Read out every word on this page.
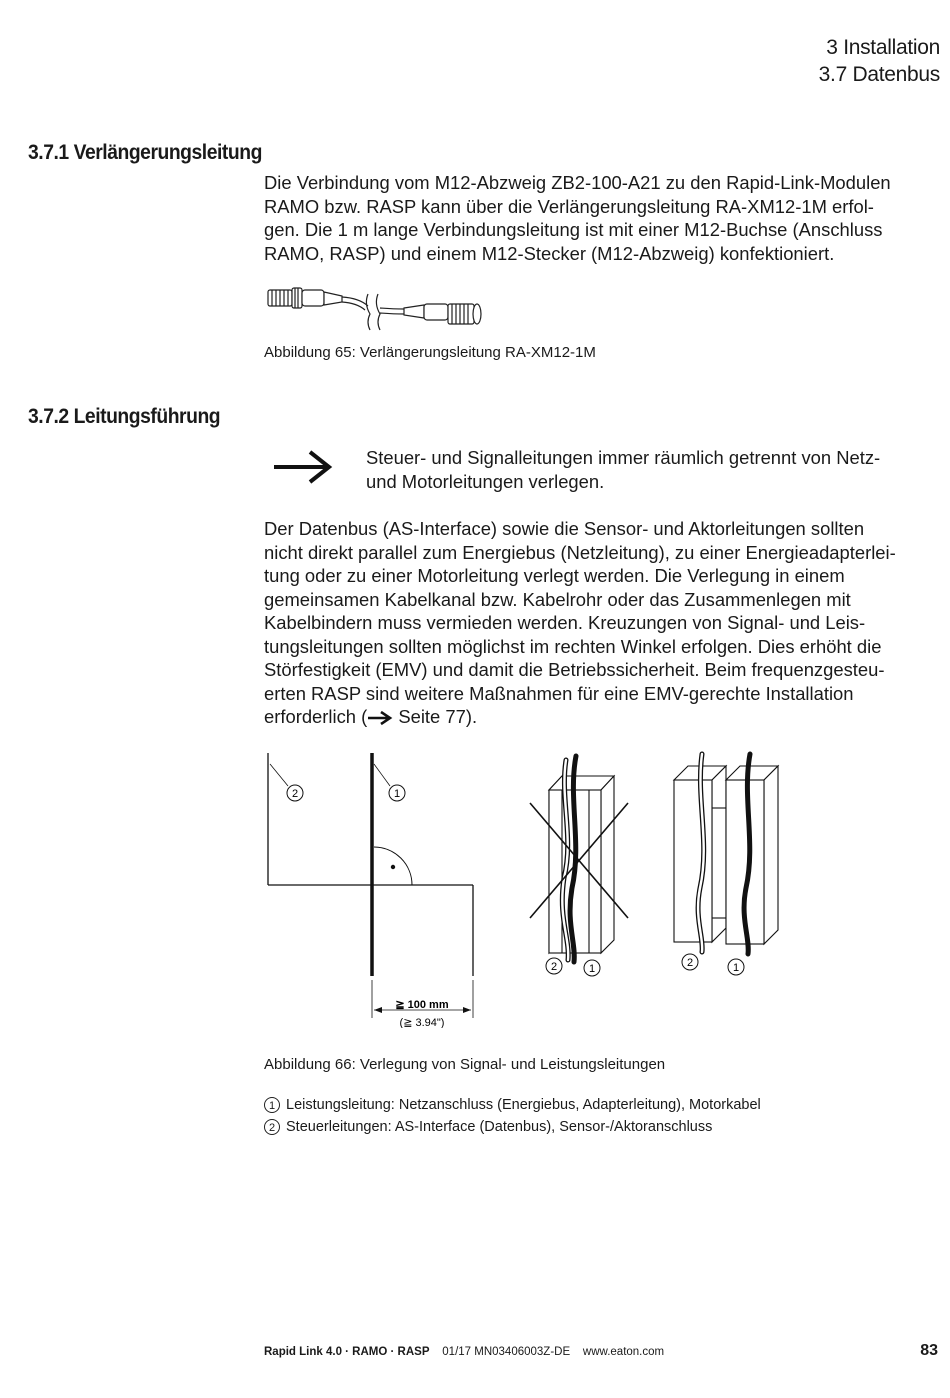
3 Installation
3.7 Datenbus
3.7.1 Verlängerungsleitung
Die Verbindung vom M12-Abzweig ZB2-100-A21 zu den Rapid-Link-Modulen
RAMO bzw. RASP kann über die Verlängerungsleitung RA-XM12-1M erfol-
gen. Die 1 m lange Verbindungsleitung ist mit einer M12-Buchse (Anschluss
RAMO, RASP) und einem M12-Stecker (M12-Abzweig) konfektioniert.
Abbildung 65: Verlängerungsleitung RA-XM12-1M
3.7.2 Leitungsführung
Steuer- und Signalleitungen immer räumlich getrennt von Netz-
und Motorleitungen verlegen.
Der Datenbus (AS-Interface) sowie die Sensor- und Aktorleitungen sollten
nicht direkt parallel zum Energiebus (Netzleitung), zu einer Energieadapterlei-
tung oder zu einer Motorleitung verlegt werden. Die Verlegung in einem
gemeinsamen Kabelkanal bzw. Kabelrohr oder das Zusammenlegen mit
Kabelbindern muss vermieden werden. Kreuzungen von Signal- und Leis-
tungsleitungen sollten möglichst im rechten Winkel erfolgen. Dies erhöht die
Störfestigkeit (EMV) und damit die Betriebssicherheit. Beim frequenzgesteu-
erten RASP sind weitere Maßnahmen für eine EMV-gerechte Installation
erforderlich ( Seite 77).
2	1
≧ 100 mm
(≧ 3.94")
2	1	2	1
Abbildung 66: Verlegung von Signal- und Leistungsleitungen
1 Leistungsleitung: Netzanschluss (Energiebus, Adapterleitung), Motorkabel
2 Steuerleitungen: AS-Interface (Datenbus), Sensor-/Aktoranschluss
Rapid Link 4.0 · RAMO · RASP 01/17 MN03406003Z-DE www.eaton.com	83
